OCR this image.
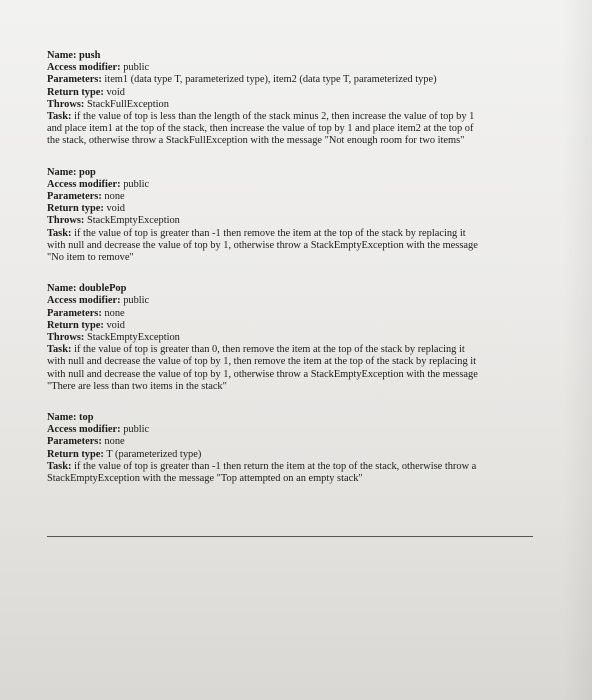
Name: push
Access modifier: public
Parameters: item1 (data type T, parameterized type), item2 (data type T, parameterized type)
Return type: void
Throws: StackFullException
Task: if the value of top is less than the length of the stack minus 2, then increase the value of top by 1
and place item1 at the top of the stack, then increase the value of top by 1 and place item2 at the top of
the stack, otherwise throw a StackFullException with the message "Not enough room for two items"
Name: pop
Access modifier: public
Parameters: none
Return type: void
Throws: StackEmptyException
Task: if the value of top is greater than -1 then remove the item at the top of the stack by replacing it
with null and decrease the value of top by 1, otherwise throw a StackEmptyException with the message
"No item to remove"
Name: doublePop
Access modifier: public
Parameters: none
Return type: void
Throws: StackEmptyException
Task: if the value of top is greater than 0, then remove the item at the top of the stack by replacing it
with null and decrease the value of top by 1, then remove the item at the top of the stack by replacing it
with null and decrease the value of top by 1, otherwise throw a StackEmptyException with the message
"There are less than two items in the stack"
Name: top
Access modifier: public
Parameters: none
Return type: T (parameterized type)
Task: if the value of top is greater than -1 then return the item at the top of the stack, otherwise throw a
StackEmptyException with the message "Top attempted on an empty stack"
